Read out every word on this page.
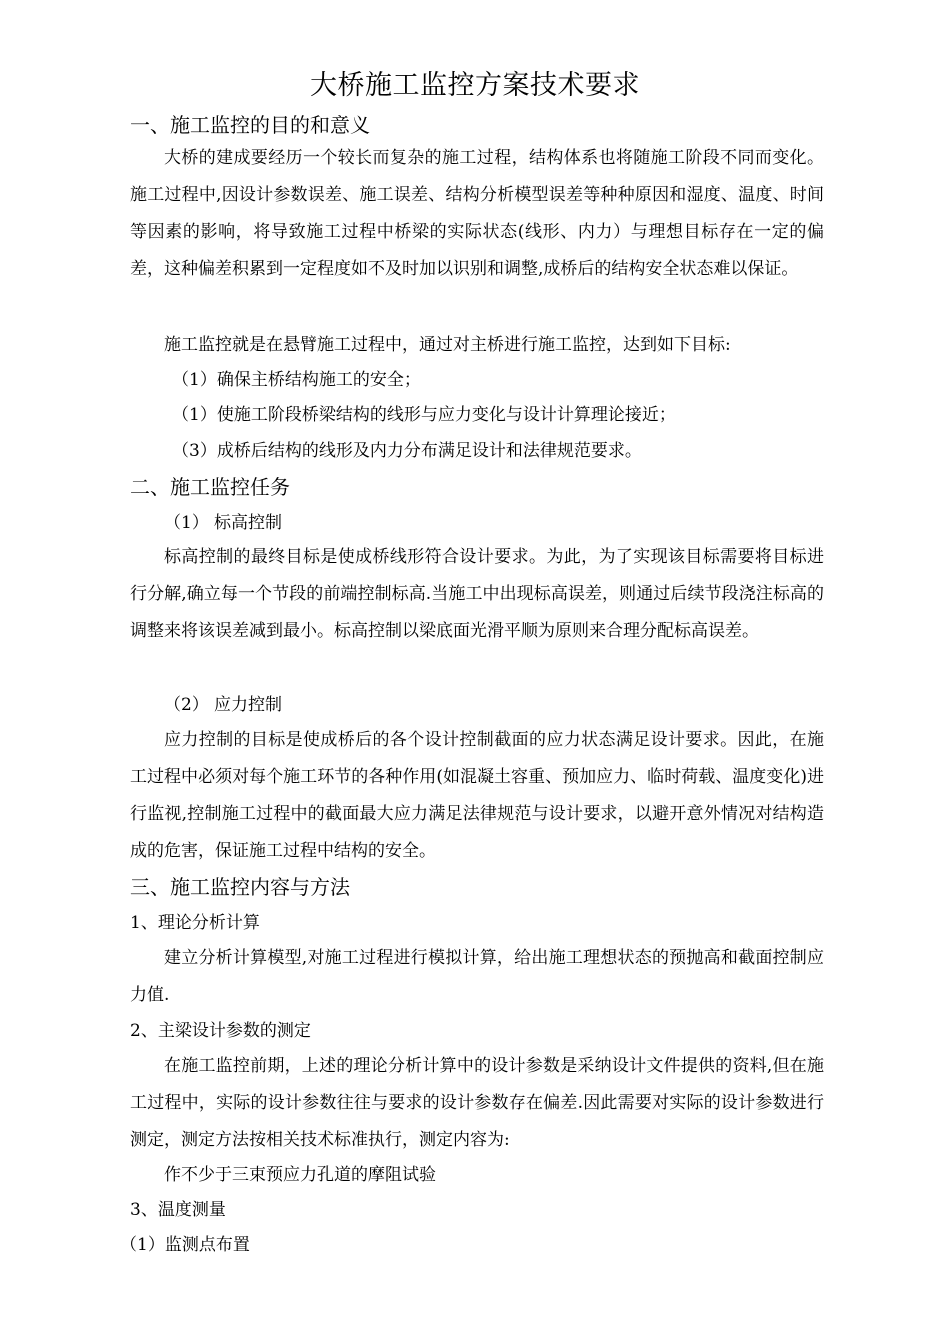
大桥施工监控方案技术要求
一、施工监控的目的和意义
大桥的建成要经历一个较长而复杂的施工过程，结构体系也将随施工阶段不同而变化。施工过程中,因设计参数误差、施工误差、结构分析模型误差等种种原因和湿度、温度、时间等因素的影响，将导致施工过程中桥梁的实际状态(线形、内力）与理想目标存在一定的偏差，这种偏差积累到一定程度如不及时加以识别和调整,成桥后的结构安全状态难以保证。
施工监控就是在悬臂施工过程中，通过对主桥进行施工监控，达到如下目标:
（1）确保主桥结构施工的安全；
（1）使施工阶段桥梁结构的线形与应力变化与设计计算理论接近；
（3）成桥后结构的线形及内力分布满足设计和法律规范要求。
二、施工监控任务
（1） 标高控制
标高控制的最终目标是使成桥线形符合设计要求。为此，为了实现该目标需要将目标进行分解,确立每一个节段的前端控制标高.当施工中出现标高误差，则通过后续节段浇注标高的调整来将该误差减到最小。标高控制以梁底面光滑平顺为原则来合理分配标高误差。
（2） 应力控制
应力控制的目标是使成桥后的各个设计控制截面的应力状态满足设计要求。因此，在施工过程中必须对每个施工环节的各种作用(如混凝土容重、预加应力、临时荷载、温度变化)进行监视,控制施工过程中的截面最大应力满足法律规范与设计要求，以避开意外情况对结构造成的危害，保证施工过程中结构的安全。
三、施工监控内容与方法
1、理论分析计算
建立分析计算模型,对施工过程进行模拟计算，给出施工理想状态的预抛高和截面控制应力值.
2、主梁设计参数的测定
在施工监控前期，上述的理论分析计算中的设计参数是采纳设计文件提供的资料,但在施工过程中，实际的设计参数往往与要求的设计参数存在偏差.因此需要对实际的设计参数进行测定，测定方法按相关技术标准执行，测定内容为:
作不少于三束预应力孔道的摩阻试验
3、温度测量
（1）监测点布置
